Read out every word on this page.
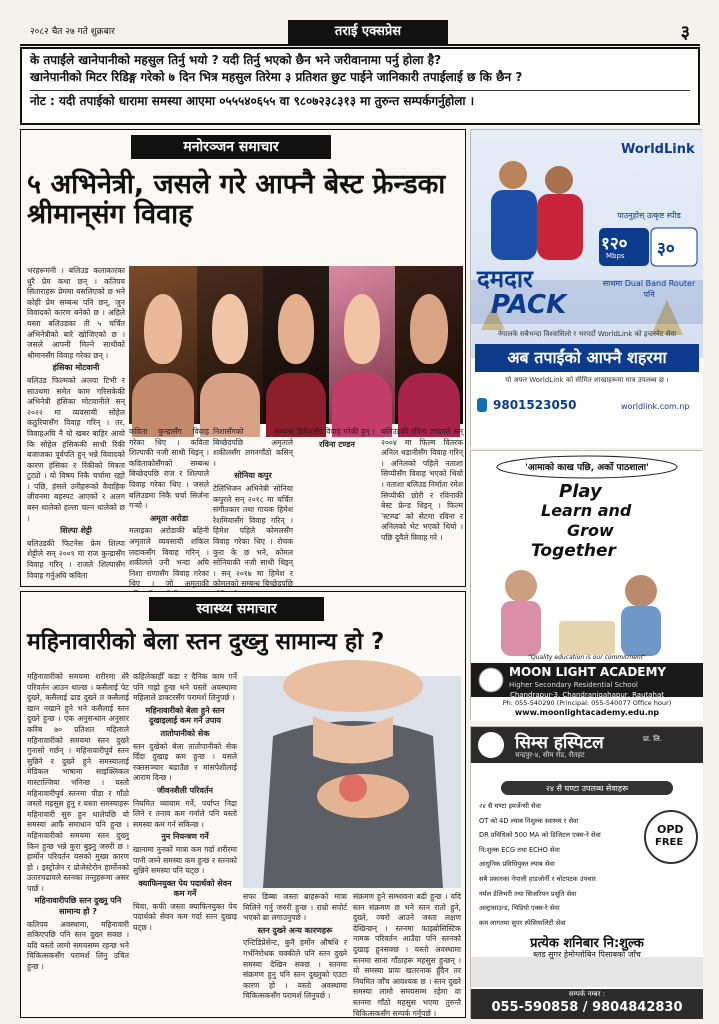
२०८२ चैत २७ गते शुक्रबार	तराई एक्सप्रेस	३

के तपाईंले खानेपानीको महसुल तिर्नु भयो ? यदी तिर्नु भएको छैन भने जरीवानामा पर्नु होला है?

खानेपानीको मिटर रिडिङ्ग गरेको ७ दिन भित्र महसुल तिरेमा ३ प्रतिशत छुट पाईने जानिकारी तपाईलाई छ कि छैन ?

नोट : यदी तपाईको धारामा समस्या आएमा ०५५५४०६५५ वा ९८०७२३८३१३ मा तुरुन्त सम्पर्कगर्नुहोला ।

मनोरञ्जन समाचार
५ अभिनेत्री, जसले गरे आफ्नै बेस्ट फ्रेन्डका श्रीमान्‌संग विवाह
भरहरूमनी । बलिउड कलाकारका धुरै प्रेम कथा छन् । कतिपय सिताराहरू प्रेममा यसलिएको छ भने कोही प्रेम सम्बन्ध पनि छन्, जुन विवादको कारण बनेको छ । अहिले यस्ता बलिउडका ती ५ चर्चित अभिनेत्रीको बारे खोजिएको छ । जसले आफ्नी मिल्ने साथीको श्रीमानसँग विवाह गरेका छन् ।
हंसिका मोटवानी
बलिउड फिल्मको अलवा टिभी र साउथमा समेत काम गरिसकेकी अभिनेत्री हंसिका मोटवानीले सन् २०२२ मा व्यवसायी सोहेल कठुरियासँग विवाह गरिन् । तर, विवाहअघि नै यो खबर बाहिर आयो कि सोहेल हंसिककी साथी रिंकी बजाजका पूर्वपति हुन् भन्ने विवादको कारण हंसिका र रिंकीको मित्रता टुट्यो । यो विषय निकै चर्चामा रह्यो । पछि, हंसले उनीहरूको वैवाहिक जीवनमा बहस्पट आएको र अलग बस्न थालेको हल्ला चल्न थालेको छ ।
शिल्पा शेट्टी
बलिउडकी फिटनेस फ्रेम शिल्पा शेट्टीले सन् २००९ मा राज कुन्द्रासँग विवाह गरिन् । राजले शिल्पासँग विवाह गर्नुअघि कविता
कविता कुन्द्रासँग विवाह गरेका थिए । कविता शिल्पाकी नजी साथी थिइन् । कविताकोसँगको सम्बन्ध बिच्छेदपछि राज र शिल्पाले विवाह गरेका थिए । जसले बलिउडमा निकै चर्चा सिर्जना गर्‍यो ।
अमृता अरोडा
मलाइका अरोडाकी बहिनी अमृताले व्यवसायी शकिल लदाकसँग विवाह गरिन् । शकीलले उनी भन्दा अघि निशा राणासँग विवाह गरेका थिए । जो अमृताकी
निशासँगको सम्बन्ध बिच्छेदपछि अमृताले शकीलसँग लगनगाँठो कसिन् ।
सोनिया कपुर
टेलिभिजन अभिनेत्री सोनिया कपुरले सन् २०१८ मा चर्चित संगीतकार तथा गायक हिमेश रेशमियासँग विवाह गरिन् । हिमेश पहिले कोमलसँग विवाह गरेका थिए । रोचक कुरा के छ भने, कोमल सोनियाकी नजी साथी थिइन् । सन् २०१७ मा हिमेश र कोमलको सम्बन्ध बिच्छेदपछि
हिमेशसँग विवाह गरेकी हुन् ।
रविना टण्डन
बलिउडकी रविना टण्डनले सन् २००४ मा फिल्म वितरक अनिल थडानीसँग विवाह गरिन् । अनिलको पहिले नताशा सिप्पीसँग विवाह भएको थियो । नताशा बलिउड निर्माता रमेश सिप्पीकी छोरी र रविनाकी बेस्ट फ्रेन्ड थिइन् । फिल्म 'स्टम्प्ड' को सेटमा रविना र अनिलको भेट भएको थियो । पछि दुवैले विवाह गरे ।
WorldLink
पाउनुहोस् उत्कृष्ट स्पीड
१२०
Mbps ३०
दमदार
PACK
साथमा Dual Band Router पनि
नेपालके सबैभन्दा विश्वासिलो र भरपर्दो WorldLink को इन्टरनेट सेवा
अब तपाईंको आफ्नै शहरमा
यो अफर WorldLink को सीमित शाखाहरूमा मात्र उपलब्ध छ ।
9801523050	worldlink.com.np
'आमाको काख पछि, अर्को पाठशाला'
Play
Learn and
Grow
Together
"Quality education is our commitment"
MOON LIGHT ACADEMY
Higher Secondary Residential School
Chandrapur-3, Chandranigahapur, Rautahat
Ph: 055-540290 (Principal: 055-540077 Office hour)
www.moonlightacademy.edu.np
सिम्स हस्पिटल	प्रा. लि.
चन्द्रपुर-४, सीम रोड, रौतहट
२४ सै घण्टा उपलब्ध सेवाहरू
२४ सै घण्टा इमर्जेन्सी सेवा
OT को 4D ल्याब निशुल्क स्वास्थ्य र सेवा
DR प्रविधिको 500 MA को डिजिटल एक्स-रे सेवा
नि:शुल्क ECG तथा ECHO सेवा
आधुनिक प्रविधियुक्त ल्याब सेवा
सबै प्रकारका नेपाली हाडजोर्नी र चोटपटक उपचार
नर्मल डेलिभरी तथा सिजरियन प्रसूति सेवा
अल्ट्रासाउन्ड, भिडियो एक्स-रे सेवा
कम लागतमा सुपर स्पेसियालिटी सेवा
OPD
FREE
प्रत्येक शनिबार नि:शुल्क
ब्लड सुगर हेमोग्लोबिन पिसाबको जाँच
सम्पर्क नम्बर :
055-590858 / 9804842830
स्वास्थ्य समाचार
महिनावारीको बेला स्तन दुख्नु सामान्य हो ?
महिनावारीको समयमा शरीरमा धेरै परिवर्तन आउन थाल्छ । कसैलाई पेट दुख्ने, कसैलाई ढाड दुख्ने त कसैलाई खान नखाने हुने भने कसैलाई स्तन दुख्ने हुन्छ । एक अनुसन्धान अनुसार करिब ७० प्रतिशत महिलाले महिनावारीको समयमा स्तन दुख्ने गुनासो गर्छन् । महिनावारीपूर्व स्तन सुन्निने र दुख्ने हुने समस्यालाई मेडिकल भाषामा साइक्लिकल मास्टाल्जिया भनिन्छ । यस्तो महिनावारीपूर्व स्तनमा पीडा र गाँठो जस्तो महसुस हुनु र यस्ता समस्याहरू महिनावारी सुरु हुन थालेपछि यो समस्या आफैं समाधान पनि हुन्छ । महिनावारीको समयमा स्तन दुख्नु किन हुन्छ भन्ने कुरा बुझ्नु जरुरी छ । हार्मोन परिवर्तन यसको मुख्य कारण हो । इस्ट्रोजेन र प्रोजेस्टेरोन हार्मोनको उतारचढावले स्तनका तन्तुहरूमा असर पार्छ ।
महिनावारीपछि स्तन दुख्नु पनि सामान्य हो ?
कतिपय अवस्थामा, महिनावारी सकिएपछि पनि स्तन दुख्न सक्छ । यदि यस्तो लामो समयसम्म रहन्छ भने चिकित्सकसँग परामर्श लिनु उचित हुन्छ ।
कहिलेकाहीँ कडा र दैनिक काम गर्ने पनि गाह्रो हुन्छ भने यस्तो अवस्थामा महिलाले डाक्टरसँग परामर्श लिनुपर्छ ।
महिनावारीको बेला हुने स्तन दुखाइलाई कम गर्ने उपाय
तातोपानीको सेक
स्तन दुखेको बेला तातोपानीको सेक दिँदा दुखाइ कम हुन्छ । यसले रक्तसञ्चार बढाउँछ र मांसपेशीलाई आराम दिन्छ ।
जीवनशैली परिवर्तन
नियमित व्यायाम गर्ने, पर्याप्त निद्रा लिने र तनाव कम गर्नाले पनि यस्तो समस्या कम गर्न सकिन्छ ।
नुन नियन्त्रण गर्ने
खानामा नुनको मात्रा कम गर्दा शरीरमा पानी जम्ने समस्या कम हुन्छ र स्तनको सुन्निने समस्या पनि घट्छ ।
क्याफिनयुक्त पेय पदार्थको सेवन कम गर्ने
चिया, कफी जस्ता क्याफिनयुक्त पेय पदार्थको सेवन कम गर्दा स्तन दुखाइ घट्छ ।
सफा डिब्बा जस्ता ब्राहरूको मात्रा मिलिने गर्नु जरुरी हुन्छ । राम्रो सपोर्ट भएको ब्रा लगाउनुपर्छ ।
स्तन दुख्ने अन्य कारणहरू
एन्टिडिप्रेसेन्ट, कुनै हर्मोन औषधि र गर्भनिरोधक चक्कीले पनि स्तन दुख्ने समस्या देखिन सक्छ । स्तनमा संक्रमण हुनु पनि स्तन दुख्नुको एउटा कारण हो । यस्तो अवस्थामा चिकित्सकसँग परामर्श लिनुपर्छ ।
संक्रमण हुने सम्भावना बढी हुन्छ । यदि स्तन संक्रमण छ भने स्तन रातो हुने, दुख्ने, ज्वरो आउने जस्ता लक्षण देखिन्छन् । स्तनमा फाइब्रोसिस्टिक नामक परिवर्तन आउँदा पनि स्तनको दुखाइ हुनसक्छ । यस्तो अवस्थामा स्तनमा साना गाँठाहरू महसुस हुन्छन् । यो समस्या प्रायः खतरनाक हुँदैन तर नियमित जाँच आवश्यक छ । स्तन दुख्ने समस्या लामो समयसम्म रहेमा वा स्तनमा गाँठो महसुस भएमा तुरुन्तै चिकित्सकसँग सम्पर्क गर्नुपर्छ ।
